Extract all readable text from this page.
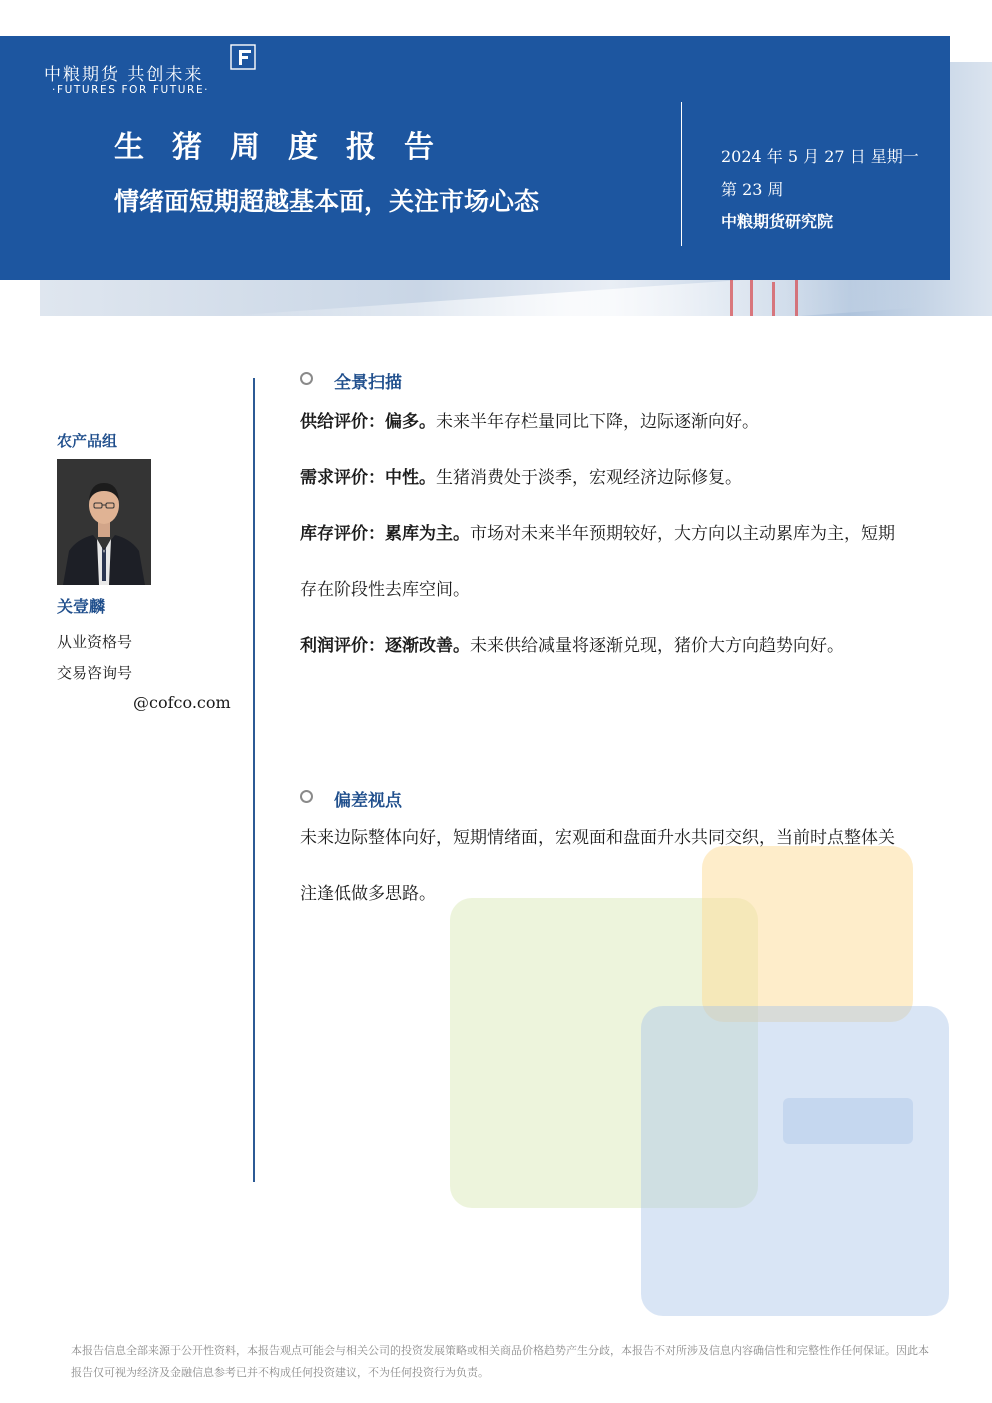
中粮期货 共创未来
·FUTURES FOR FUTURE·
生猪周度报告
情绪面短期超越基本面，关注市场心态
2024 年 5 月 27 日 星期一
第 23 周
中粮期货研究院
农产品组
关壹麟
从业资格号
交易咨询号
@cofco.com
全景扫描
供给评价：偏多。未来半年存栏量同比下降，边际逐渐向好。
需求评价：中性。生猪消费处于淡季，宏观经济边际修复。
库存评价：累库为主。市场对未来半年预期较好，大方向以主动累库为主，短期存在阶段性去库空间。
利润评价：逐渐改善。未来供给减量将逐渐兑现，猪价大方向趋势向好。
偏差视点
未来边际整体向好，短期情绪面，宏观面和盘面升水共同交织，当前时点整体关注逢低做多思路。
本报告信息全部来源于公开性资料，本报告观点可能会与相关公司的投资发展策略或相关商品价格趋势产生分歧，本报告不对所涉及信息内容确信性和完整性作任何保证。因此本报告仅可视为经济及金融信息参考已并不构成任何投资建议，不为任何投资行为负责。
